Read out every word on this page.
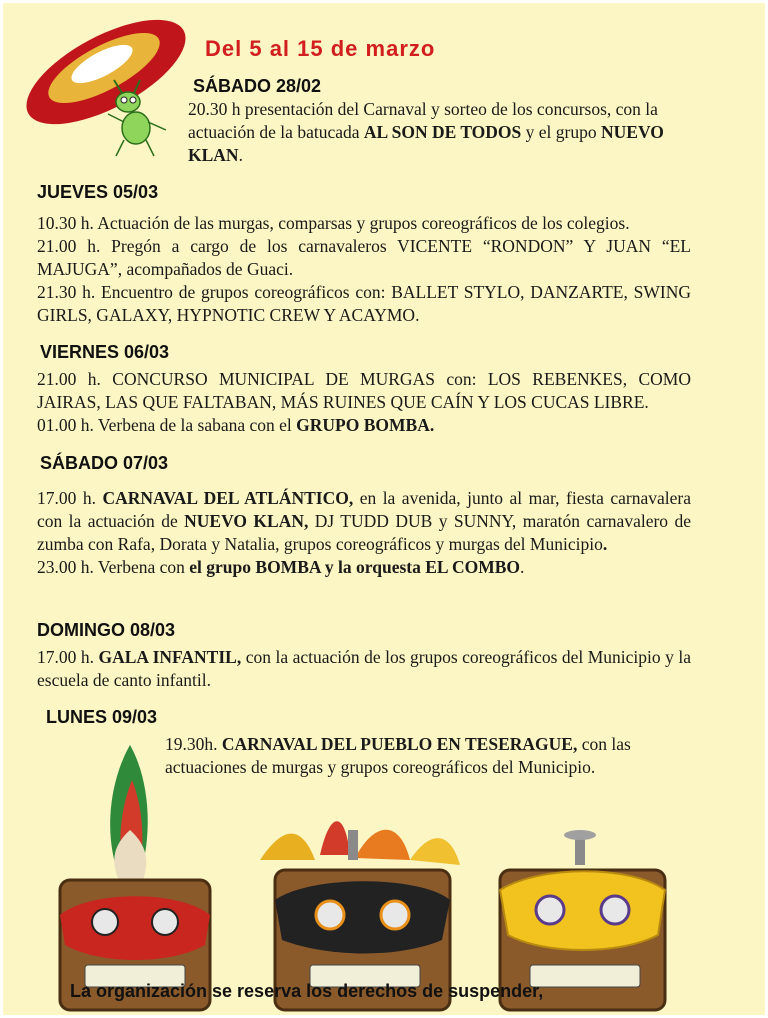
Del 5 al 15 de marzo
SÁBADO 28/02

20.30 h presentación del Carnaval y sorteo de los concursos, con la actuación de la batucada AL SON DE TODOS y el grupo NUEVO KLAN.

JUEVES 05/03

10.30 h. Actuación de las murgas, comparsas y grupos coreográficos de los colegios.

21.00 h. Pregón a cargo de los carnavaleros VICENTE “RONDON” Y JUAN “EL MAJUGA”, acompañados de Guaci.

21.30 h. Encuentro de grupos coreográficos con: BALLET STYLO, DANZARTE, SWING GIRLS, GALAXY, HYPNOTIC CREW Y ACAYMO.

VIERNES 06/03

21.00 h. CONCURSO MUNICIPAL DE MURGAS con: LOS REBENKES, COMO JAIRAS, LAS QUE FALTABAN, MÁS RUINES QUE CAÍN Y LOS CUCAS LIBRE.

01.00 h. Verbena de la sabana con el GRUPO BOMBA.

SÁBADO 07/03

17.00 h. CARNAVAL DEL ATLÁNTICO, en la avenida, junto al mar, fiesta carnavalera con la actuación de NUEVO KLAN, DJ TUDD DUB y SUNNY, maratón carnavalero de zumba con Rafa, Dorata y Natalia, grupos coreográficos y murgas del Municipio.

23.00 h. Verbena con el grupo BOMBA y la orquesta EL COMBO.

DOMINGO 08/03

17.00 h. GALA INFANTIL, con la actuación de los grupos coreográficos del Municipio y la escuela de canto infantil.

LUNES 09/03

19.30h. CARNAVAL DEL PUEBLO EN TESERAGUE, con las actuaciones de murgas y grupos coreográficos del Municipio.

La organización se reserva los derechos de suspender,
